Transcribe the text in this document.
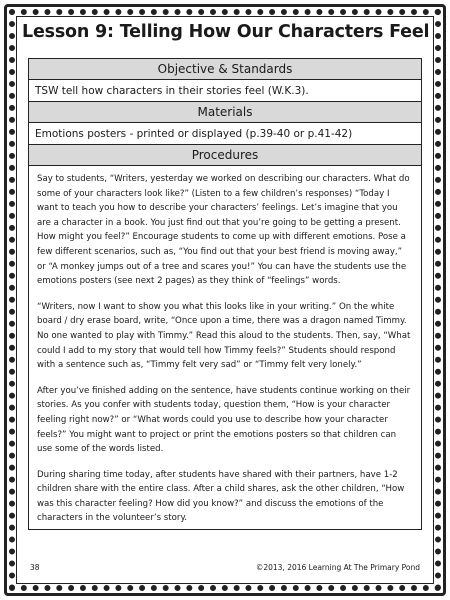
Lesson 9: Telling How Our Characters Feel
Objective & Standards
TSW tell how characters in their stories feel (W.K.3).
Materials
Emotions posters - printed or displayed (p.39-40 or p.41-42)
Procedures

Say to students, “Writers, yesterday we worked on describing our characters. What do some of your characters look like?” (Listen to a few children’s responses) “Today I want to teach you how to describe your characters’ feelings. Let’s imagine that you are a character in a book. You just find out that you’re going to be getting a present. How might you feel?” Encourage students to come up with different emotions. Pose a few different scenarios, such as, “You find out that your best friend is moving away,” or “A monkey jumps out of a tree and scares you!” You can have the students use the emotions posters (see next 2 pages) as they think of “feelings” words.

“Writers, now I want to show you what this looks like in your writing.” On the white board / dry erase board, write, “Once upon a time, there was a dragon named Timmy. No one wanted to play with Timmy.” Read this aloud to the students. Then, say, “What could I add to my story that would tell how Timmy feels?” Students should respond with a sentence such as, “Timmy felt very sad” or “Timmy felt very lonely.”

After you’ve finished adding on the sentence, have students continue working on their stories. As you confer with students today, question them, “How is your character feeling right now?” or “What words could you use to describe how your character feels?” You might want to project or print the emotions posters so that children can use some of the words listed.

During sharing time today, after students have shared with their partners, have 1-2 children share with the entire class. After a child shares, ask the other children, “How was this character feeling? How did you know?” and discuss the emotions of the characters in the volunteer’s story.

38	©2013, 2016 Learning At The Primary Pond
